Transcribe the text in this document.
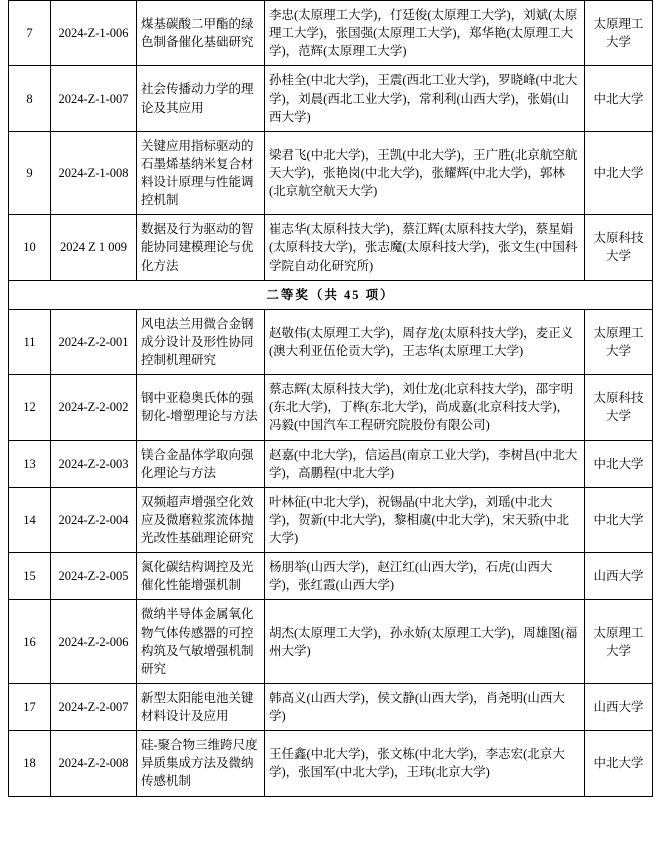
7	2024-Z-1-006	煤基碳酸二甲酯的绿色制备催化基础研究	李忠(太原理工大学)，仃廷俊(太原理工大学)，刘斌(太原理工大学)，张国强(太原理工大学)，郑华艳(太原理工大学)，范辉(太原理工大学)	太原理工大学

8	2024-Z-1-007	社会传播动力学的理论及其应用	孙桂全(中北大学)，王震(西北工业大学)，罗晓峰(中北大学)，刘晨(西北工业大学)，常利利(山西大学)，张娟(山西大学)	中北大学

9	2024-Z-1-008	关键应用指标驱动的石墨烯基纳米复合材料设计原理与性能调控机制	梁君飞(中北大学)，王凯(中北大学)，王广胜(北京航空航天大学)，张艳岗(中北大学)，张耀辉(中北大学)，郭林(北京航空航天大学)	中北大学

10	2024 Z 1 009	数据及行为驱动的智能协同建模理论与优化方法	崔志华(太原科技大学)，蔡江辉(太原科技大学)，蔡星娟(太原科技大学)，张志魔(太原科技大学)，张文生(中国科学院自动化研究所)	太原科技大学

二等奖（共 45 项）				

11	2024-Z-2-001	风电法兰用微合金钢成分设计及形性协同控制机理研究	赵敬伟(太原理工大学)，周存龙(太原科技大学)，麦正义(澳大利亚伍伦贡大学)，王志华(太原理工大学)	太原理工大学

12	2024-Z-2-002	钢中亚稳奥氏体的强韧化-增塑理论与方法	蔡志辉(太原科技大学)，刘仕龙(北京科技大学)，邵宇明(东北大学)，丁桦(东北大学)，尚成嘉(北京科技大学)，冯毅(中国汽车工程研究院股份有限公司)	太原科技大学

13	2024-Z-2-003	镁合金晶体学取向强化理论与方法	赵嘉(中北大学)，信运昌(南京工业大学)，李树昌(中北大学)，高鹏程(中北大学)	中北大学

14	2024-Z-2-004	双频超声增强空化效应及微磨粒浆流体抛光改性基础理论研究	叶林征(中北大学)，祝锡晶(中北大学)，刘瑶(中北大学)，贺新(中北大学)，黎相虞(中北大学)，宋天骄(中北大学)	中北大学

15	2024-Z-2-005	氮化碳结构调控及光催化性能增强机制	杨朋举(山西大学)，赵江红(山西大学)，石虎(山西大学)，张红霞(山西大学)	山西大学

16	2024-Z-2-006	微纳半导体金属氧化物气体传感器的可控构筑及气敏增强机制研究	胡杰(太原理工大学)，孙永娇(太原理工大学)，周雄图(福州大学)	太原理工大学

17	2024-Z-2-007	新型太阳能电池关键材料设计及应用	韩高义(山西大学)，侯文静(山西大学)，肖尧明(山西大学)	山西大学

18	2024-Z-2-008	硅-聚合物三维跨尺度异质集成方法及微纳传感机制	王任鑫(中北大学)，张文栋(中北大学)，李志宏(北京大学)，张国军(中北大学)，王玮(北京大学)	中北大学
